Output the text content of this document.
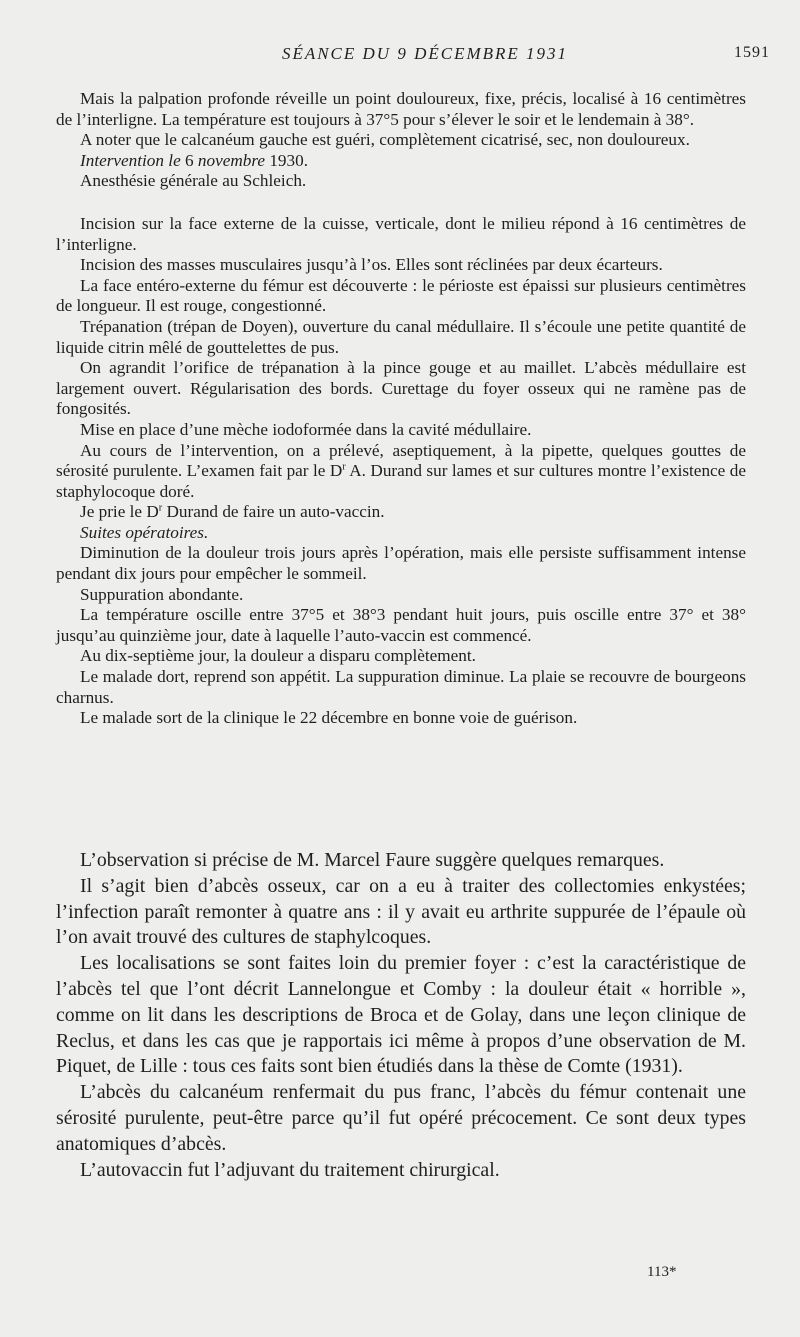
SÉANCE DU 9 DÉCEMBRE 1931	1591

Mais la palpation profonde réveille un point douloureux, fixe, précis, localisé à 16 centimètres de l’interligne. La température est toujours à 37°5 pour s’élever le soir et le lendemain à 38°.

A noter que le calcanéum gauche est guéri, complètement cicatrisé, sec, non douloureux.

Intervention le 6 novembre 1930.

Anesthésie générale au Schleich.

Incision sur la face externe de la cuisse, verticale, dont le milieu répond à 16 centimètres de l’interligne.

Incision des masses musculaires jusqu’à l’os. Elles sont réclinées par deux écarteurs.

La face entéro-externe du fémur est découverte : le périoste est épaissi sur plusieurs centimètres de longueur. Il est rouge, congestionné.

Trépanation (trépan de Doyen), ouverture du canal médullaire. Il s’écoule une petite quantité de liquide citrin mêlé de gouttelettes de pus.

On agrandit l’orifice de trépanation à la pince gouge et au maillet. L’abcès médullaire est largement ouvert. Régularisation des bords. Curettage du foyer osseux qui ne ramène pas de fongosités.

Mise en place d’une mèche iodoformée dans la cavité médullaire.

Au cours de l’intervention, on a prélevé, aseptiquement, à la pipette, quelques gouttes de sérosité purulente. L’examen fait par le $D^r$ A. Durand sur lames et sur cultures montre l’existence de staphylocoque doré.

Je prie le $D^r$ Durand de faire un auto-vaccin.

Suites opératoires.

Diminution de la douleur trois jours après l’opération, mais elle persiste suffisamment intense pendant dix jours pour empêcher le sommeil.

Suppuration abondante.

La température oscille entre 37°5 et 38°3 pendant huit jours, puis oscille entre 37° et 38° jusqu’au quinzième jour, date à laquelle l’auto-vaccin est commencé.

Au dix-septième jour, la douleur a disparu complètement.

Le malade dort, reprend son appétit. La suppuration diminue. La plaie se recouvre de bourgeons charnus.

Le malade sort de la clinique le 22 décembre en bonne voie de guérison.

L’observation si précise de M. Marcel Faure suggère quelques remarques.

Il s’agit bien d’abcès osseux, car on a eu à traiter des collectomies enkystées; l’infection paraît remonter à quatre ans : il y avait eu arthrite suppurée de l’épaule où l’on avait trouvé des cultures de staphylcoques.

Les localisations se sont faites loin du premier foyer : c’est la caractéristique de l’abcès tel que l’ont décrit Lannelongue et Comby : la douleur était « horrible », comme on lit dans les descriptions de Broca et de Golay, dans une leçon clinique de Reclus, et dans les cas que je rapportais ici même à propos d’une observation de M. Piquet, de Lille : tous ces faits sont bien étudiés dans la thèse de Comte (1931).

L’abcès du calcanéum renfermait du pus franc, l’abcès du fémur contenait une sérosité purulente, peut-être parce qu’il fut opéré précocement. Ce sont deux types anatomiques d’abcès.

L’autovaccin fut l’adjuvant du traitement chirurgical.

113*
